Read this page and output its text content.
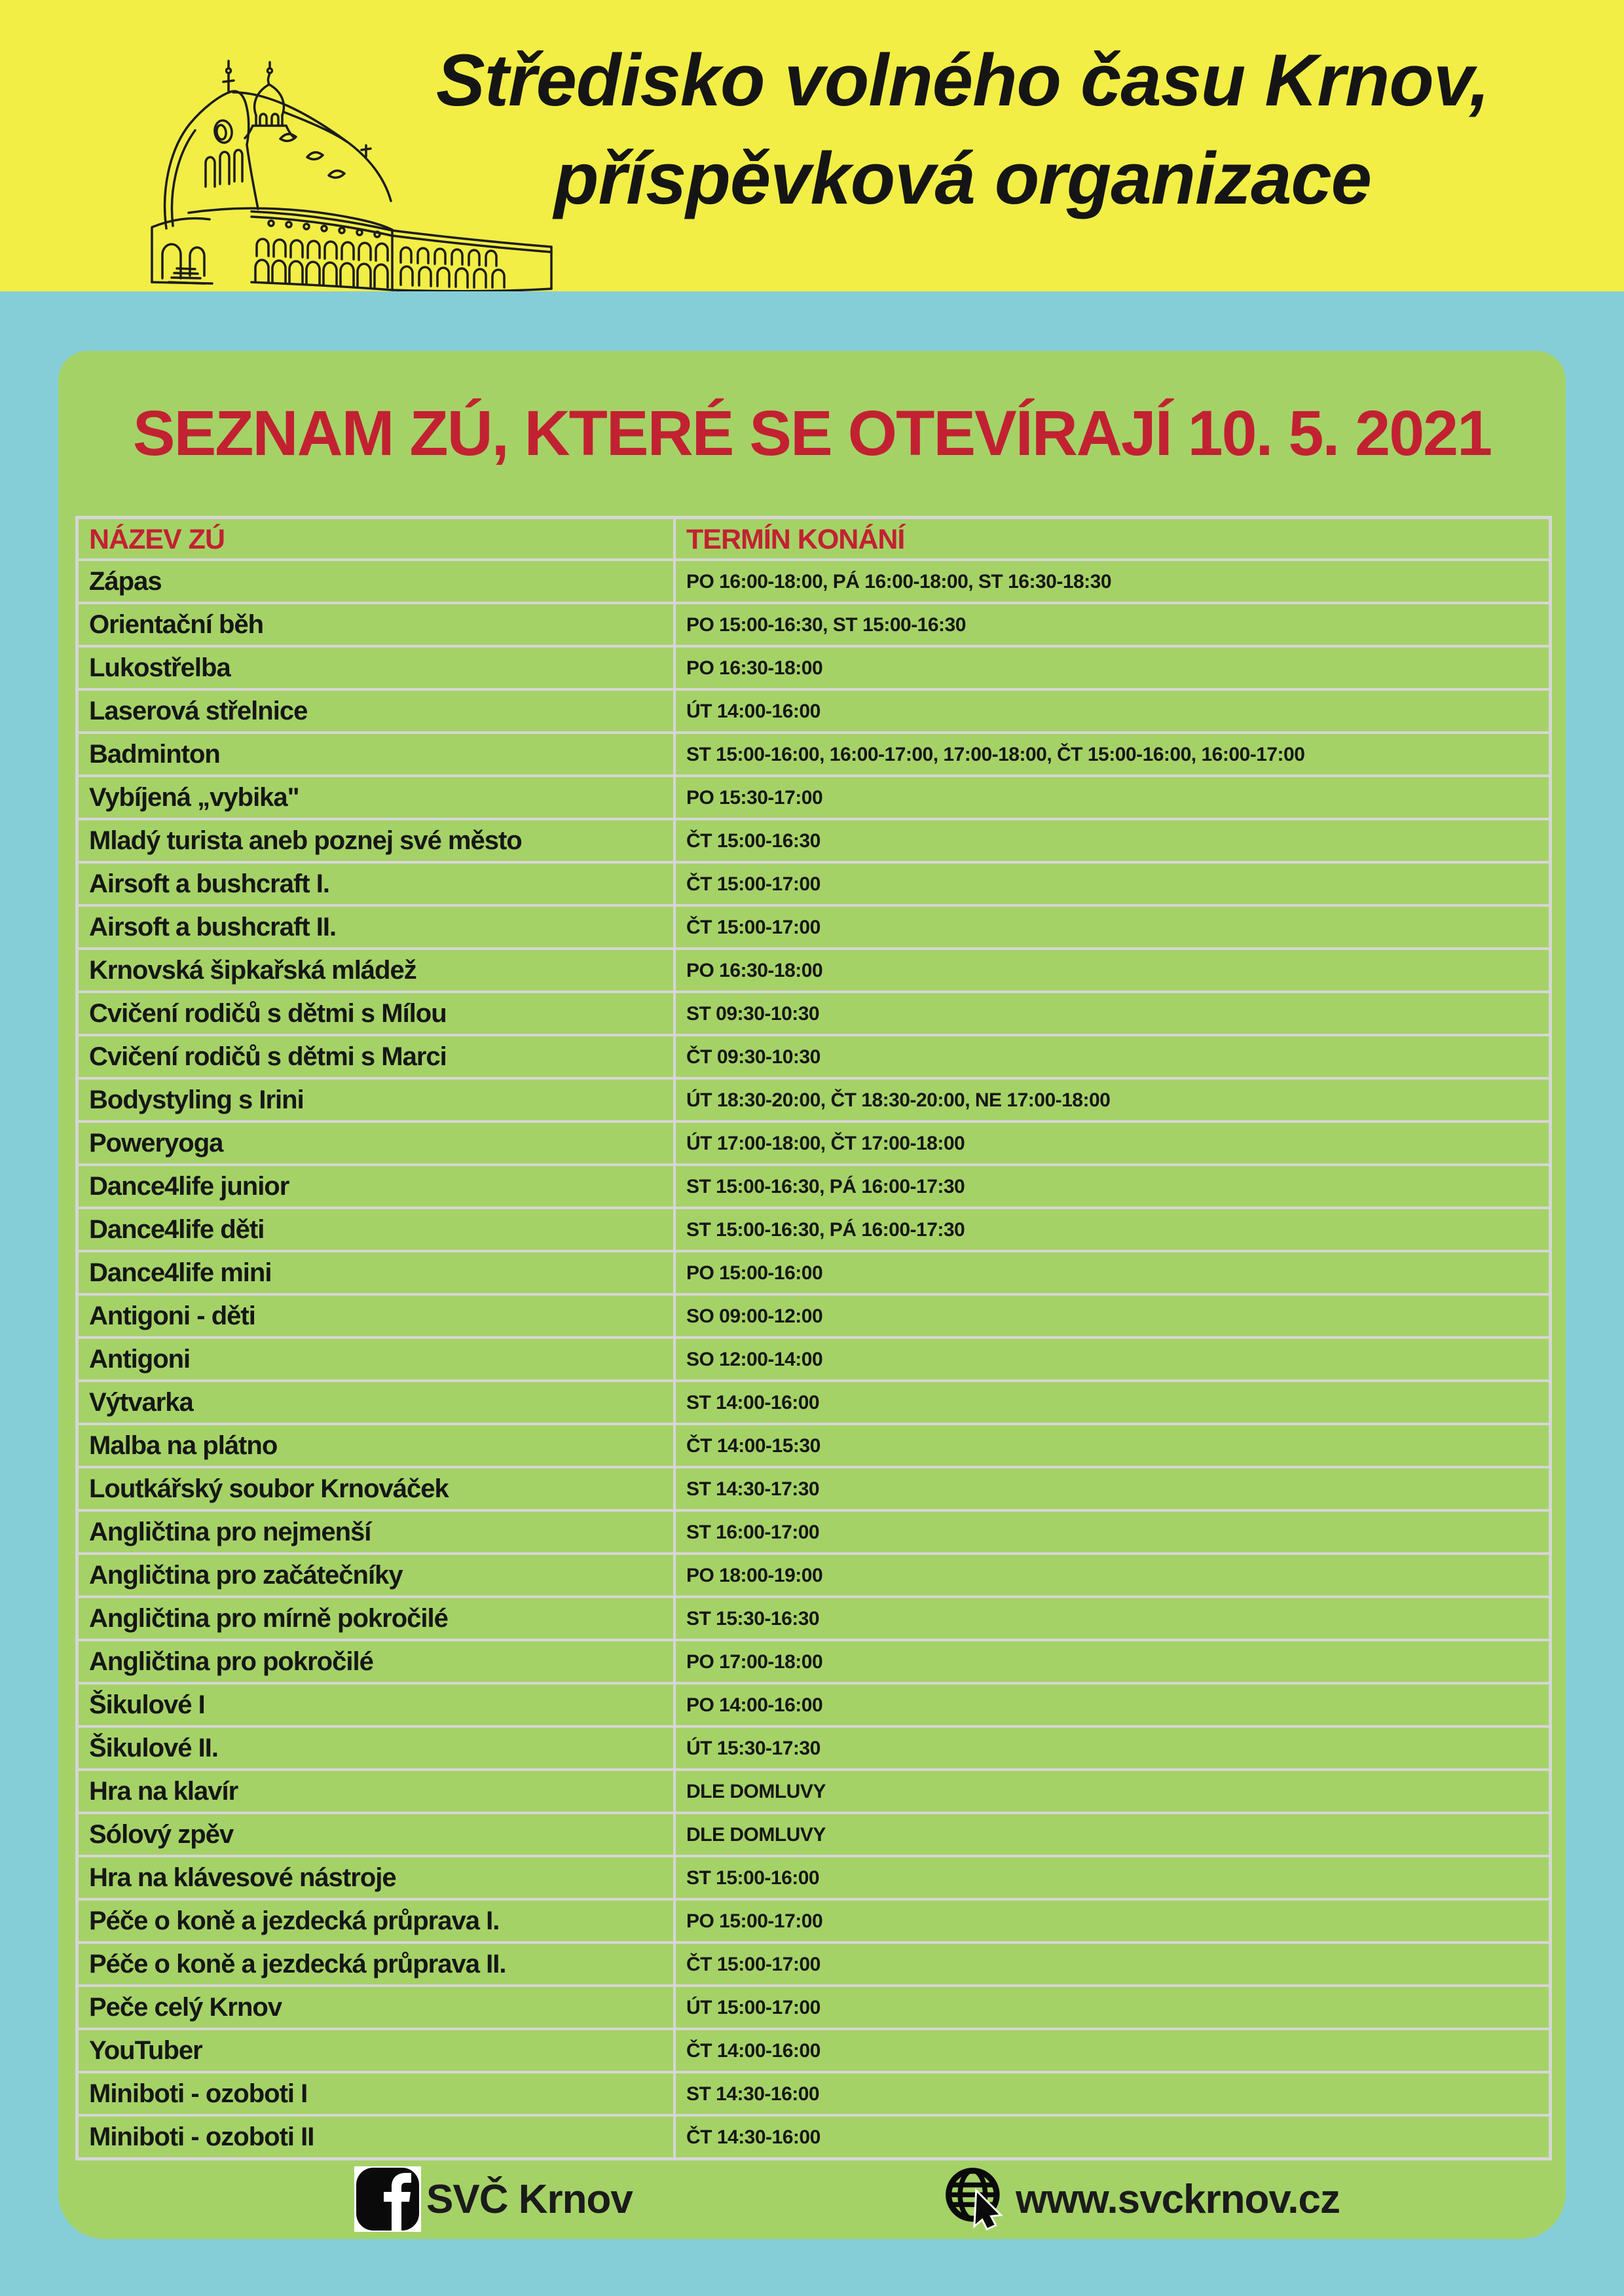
Středisko volného času Krnov,
příspěvková organizace
SEZNAM ZÚ, KTERÉ SE OTEVÍRAJÍ 10. 5. 2021
NÁZEV ZÚ	TERMÍN KONÁNÍ
Zápas	PO 16:00-18:00, PÁ 16:00-18:00, ST 16:30-18:30
Orientační běh	PO 15:00-16:30, ST 15:00-16:30
Lukostřelba	PO 16:30-18:00
Laserová střelnice	ÚT 14:00-16:00
Badminton	ST 15:00-16:00, 16:00-17:00, 17:00-18:00, ČT 15:00-16:00, 16:00-17:00
Vybíjená „vybika"	PO 15:30-17:00
Mladý turista aneb poznej své město	ČT 15:00-16:30
Airsoft a bushcraft I.	ČT 15:00-17:00
Airsoft a bushcraft II.	ČT 15:00-17:00
Krnovská šipkařská mládež	PO 16:30-18:00
Cvičení rodičů s dětmi s Mílou	ST 09:30-10:30
Cvičení rodičů s dětmi s Marci	ČT 09:30-10:30
Bodystyling s Irini	ÚT 18:30-20:00, ČT 18:30-20:00, NE 17:00-18:00
Poweryoga	ÚT 17:00-18:00, ČT 17:00-18:00
Dance4life junior	ST 15:00-16:30, PÁ 16:00-17:30
Dance4life děti	ST 15:00-16:30, PÁ 16:00-17:30
Dance4life mini	PO 15:00-16:00
Antigoni - děti	SO 09:00-12:00
Antigoni	SO 12:00-14:00
Výtvarka	ST 14:00-16:00
Malba na plátno	ČT 14:00-15:30
Loutkářský soubor Krnováček	ST 14:30-17:30
Angličtina pro nejmenší	ST 16:00-17:00
Angličtina pro začátečníky	PO 18:00-19:00
Angličtina pro mírně pokročilé	ST 15:30-16:30
Angličtina pro pokročilé	PO 17:00-18:00
Šikulové I	PO 14:00-16:00
Šikulové II.	ÚT 15:30-17:30
Hra na klavír	DLE DOMLUVY
Sólový zpěv	DLE DOMLUVY
Hra na klávesové nástroje	ST 15:00-16:00
Péče o koně a jezdecká průprava I.	PO 15:00-17:00
Péče o koně a jezdecká průprava II.	ČT 15:00-17:00
Peče celý Krnov	ÚT 15:00-17:00
YouTuber	ČT 14:00-16:00
Miniboti - ozoboti I	ST 14:30-16:00
Miniboti - ozoboti II	ČT 14:30-16:00
SVČ Krnov	www.svckrnov.cz
